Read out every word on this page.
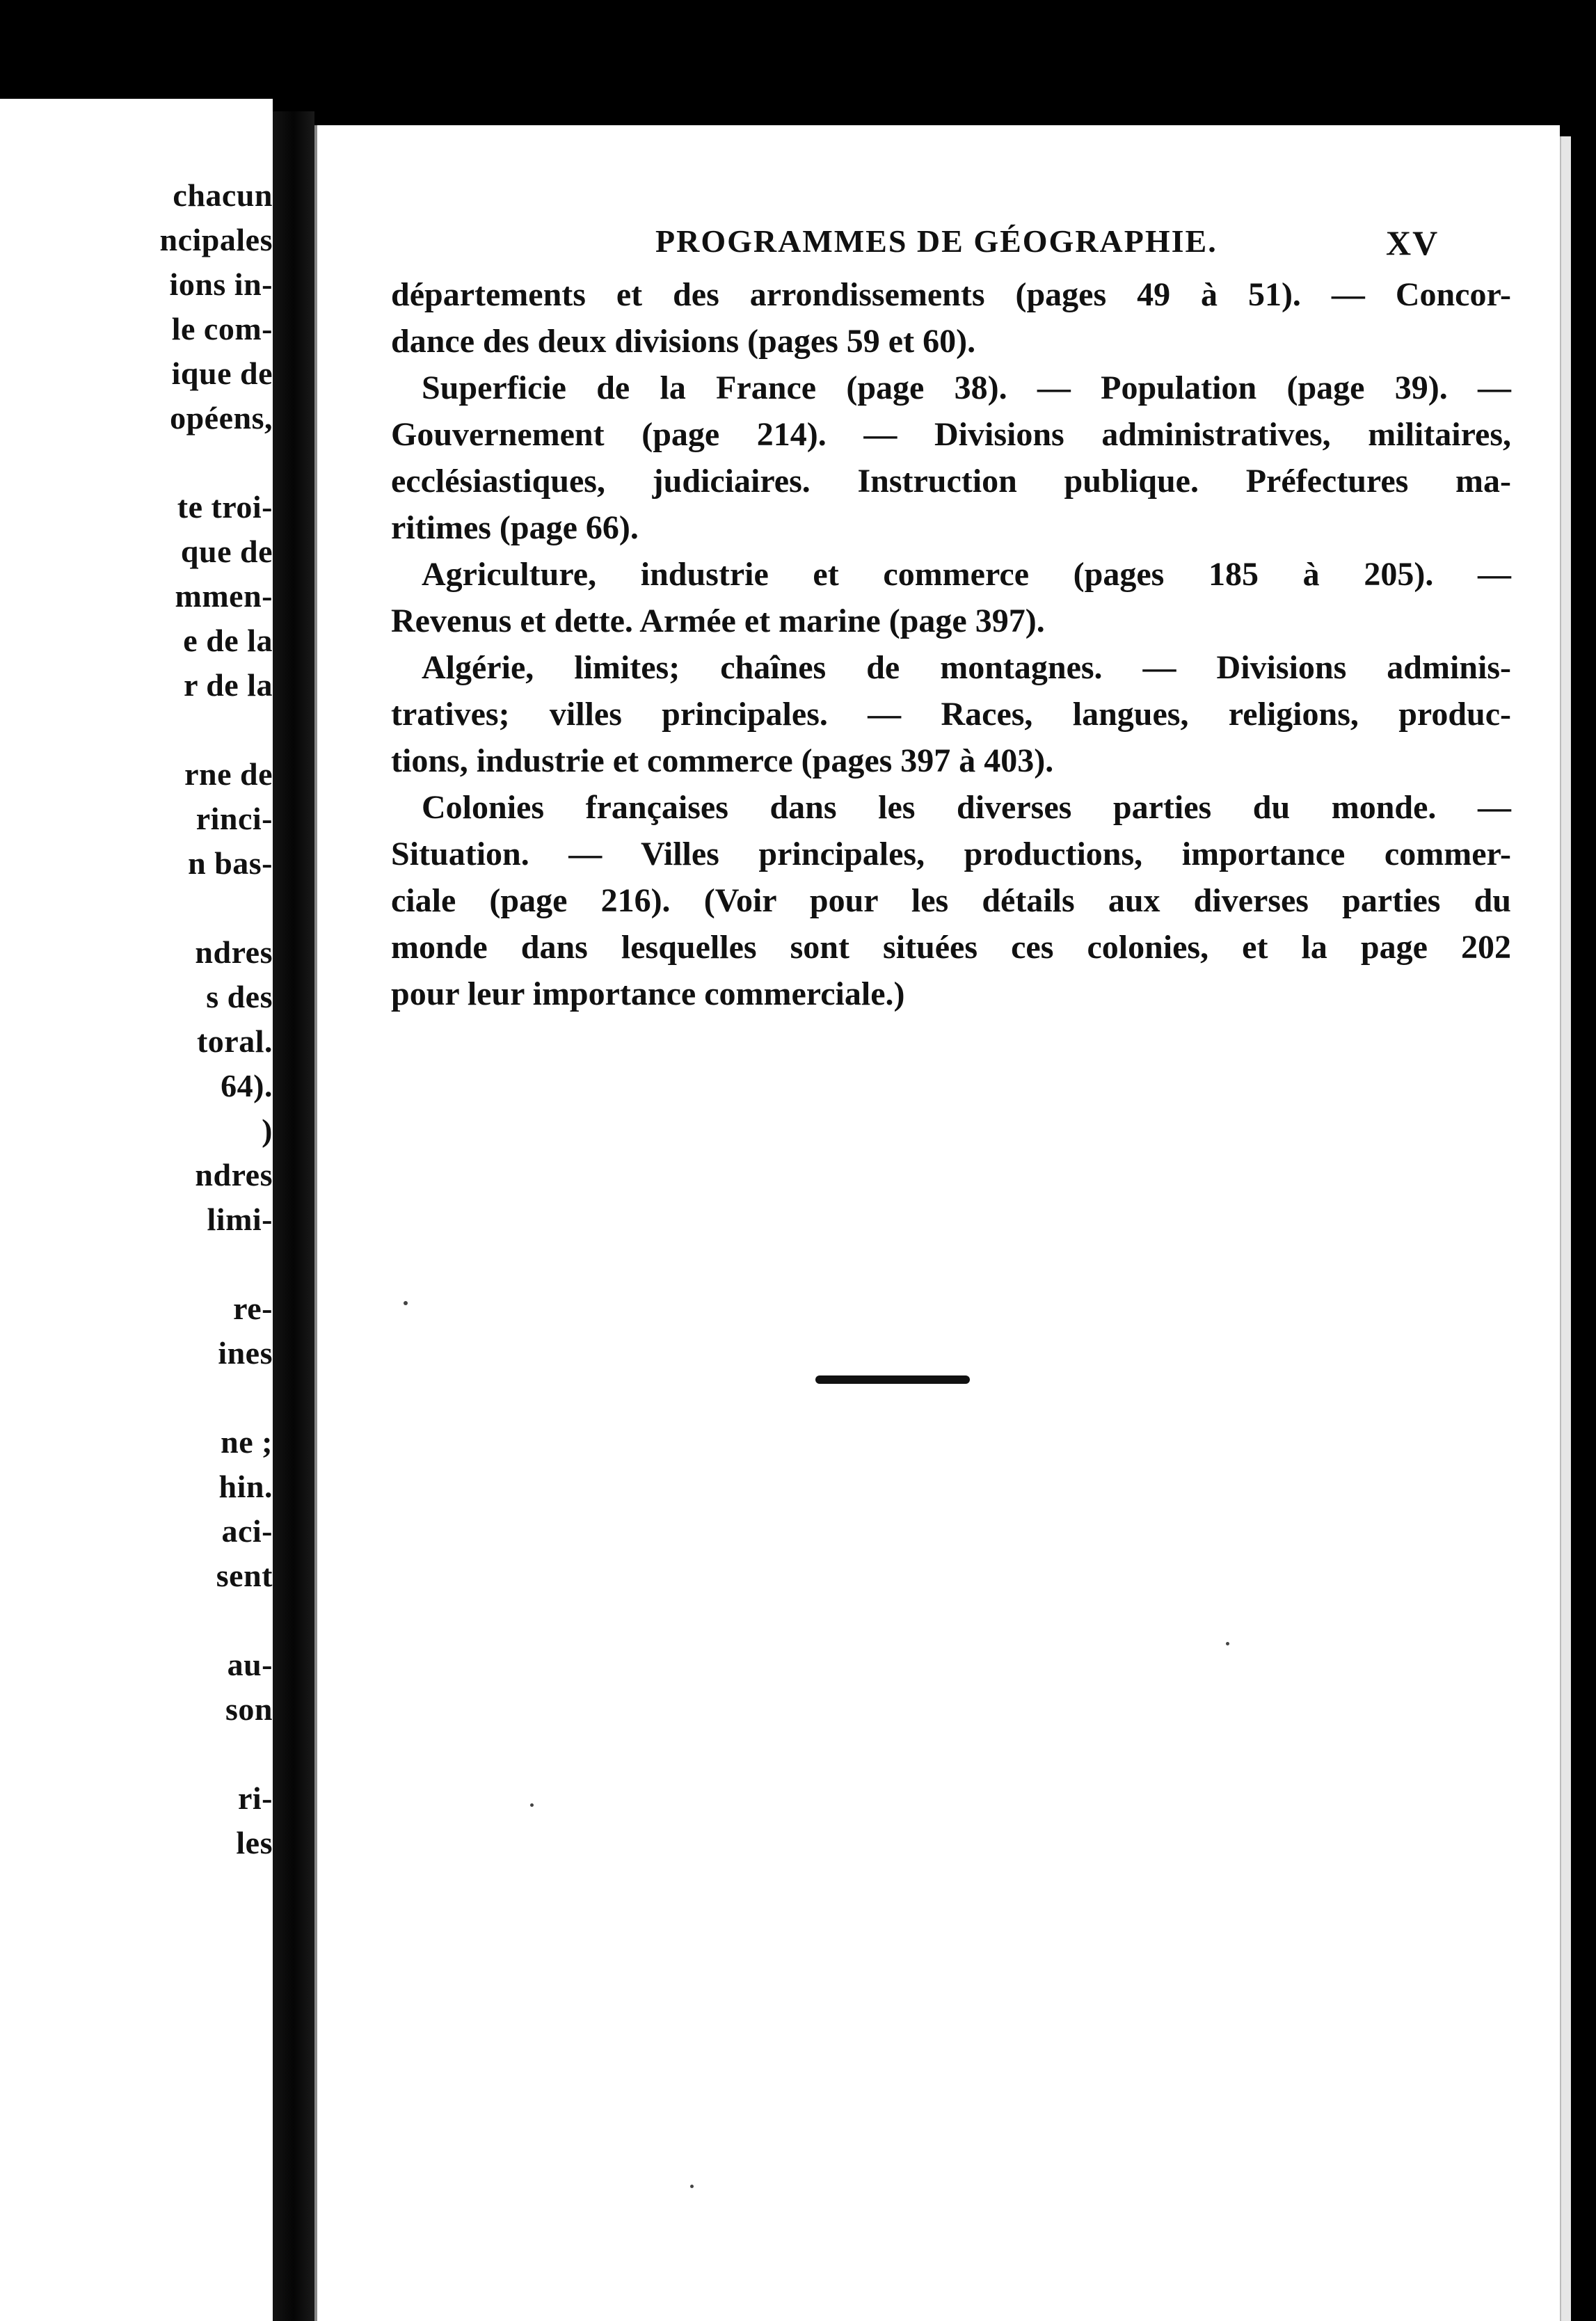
chacun
ncipales
ions in-
le com-
ique de
opéens,
te troi-
que de
mmen-
e de la
r de la
rne de
rinci-
n bas-
ndres
s des
toral.
64).
)
ndres
limi-
re-
ines
ne ;
hin.
aci-
sent
au-
son
ri-
les
PROGRAMMES DE GÉOGRAPHIE.	XV
départements et des arrondissements (pages 49 à 51). — Concor-
dance des deux divisions (pages 59 et 60).
Superficie de la France (page 38). — Population (page 39). —
Gouvernement (page 214). — Divisions administratives, militaires,
ecclésiastiques, judiciaires. Instruction publique. Préfectures ma-
ritimes (page 66).
Agriculture, industrie et commerce (pages 185 à 205). —
Revenus et dette. Armée et marine (page 397).
Algérie, limites; chaînes de montagnes. — Divisions adminis-
tratives; villes principales. — Races, langues, religions, produc-
tions, industrie et commerce (pages 397 à 403).
Colonies françaises dans les diverses parties du monde. —
Situation. — Villes principales, productions, importance commer-
ciale (page 216). (Voir pour les détails aux diverses parties du
monde dans lesquelles sont situées ces colonies, et la page 202
pour leur importance commerciale.)
